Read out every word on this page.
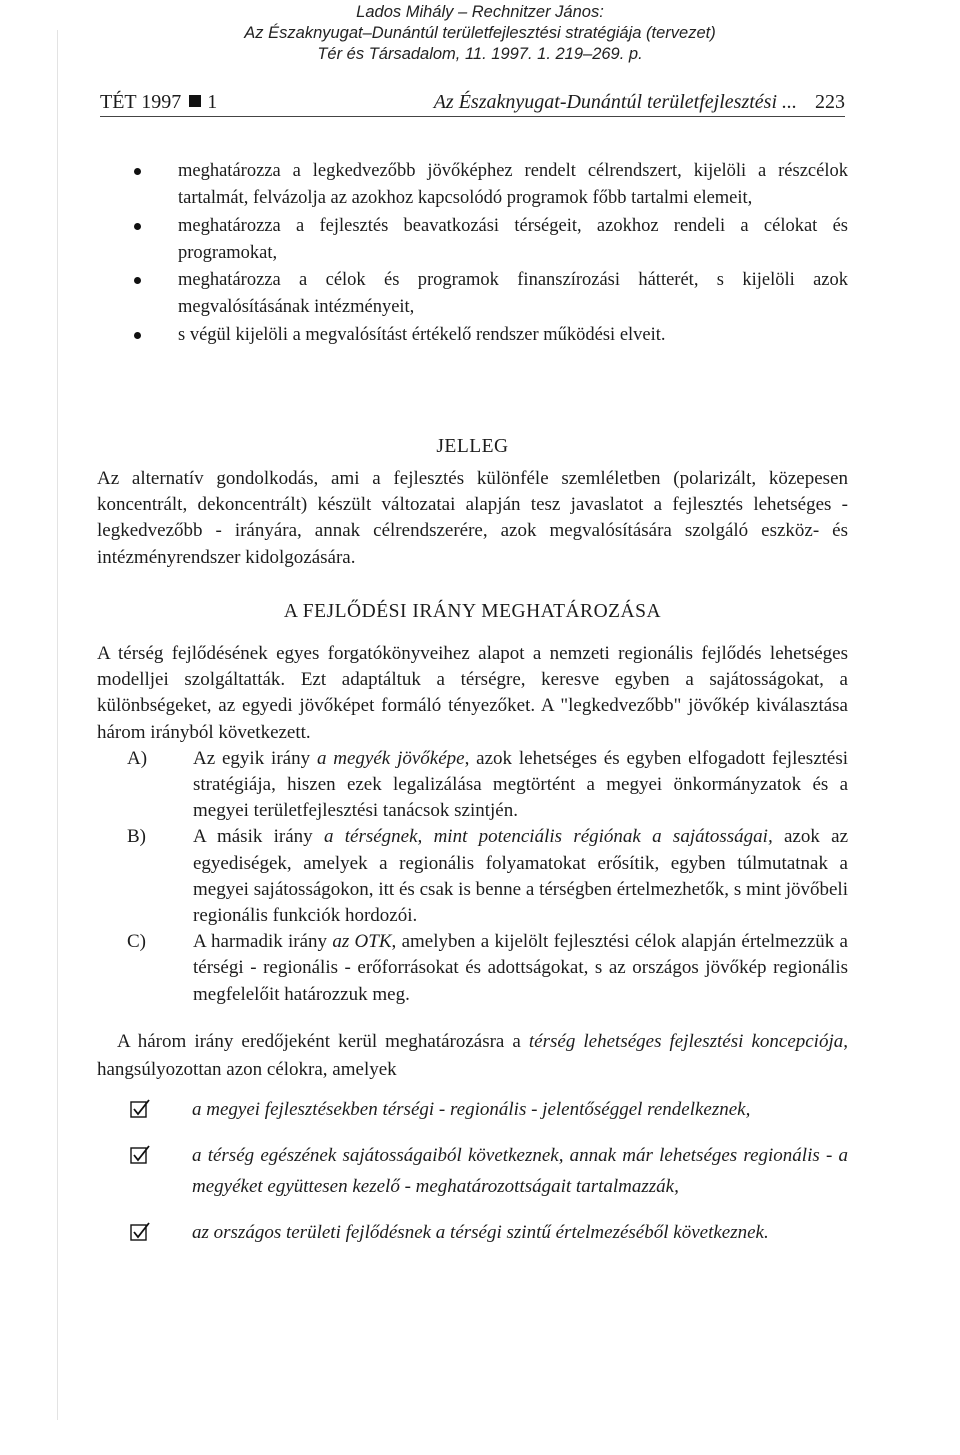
Lados Mihály – Rechnitzer János:
Az Északnyugat–Dunántúl területfejlesztési stratégiája (tervezet)
Tér és Társadalom, 11. 1997. 1. 219–269. p.
TÉT 1997 1	Az Északnyugat-Dunántúl területfejlesztési ... 223
meghatározza a legkedvezőbb jövőképhez rendelt célrendszert, kijelöli a részcélok tartalmát, felvázolja az azokhoz kapcsolódó programok főbb tartalmi elemeit,
meghatározza a fejlesztés beavatkozási térségeit, azokhoz rendeli a célokat és programokat,
meghatározza a célok és programok finanszírozási hátterét, s kijelöli azok megvalósításának intézményeit,
s végül kijelöli a megvalósítást értékelő rendszer működési elveit.
JELLEG
Az alternatív gondolkodás, ami a fejlesztés különféle szemléletben (polarizált, közepesen koncentrált, dekoncentrált) készült változatai alapján tesz javaslatot a fejlesztés lehetséges - legkedvezőbb - irányára, annak célrendszerére, azok megvalósítására szolgáló eszköz- és intézményrendszer kidolgozására.
A FEJLŐDÉSI IRÁNY MEGHATÁROZÁSA
A térség fejlődésének egyes forgatókönyveihez alapot a nemzeti regionális fejlődés lehetséges modelljei szolgáltatták. Ezt adaptáltuk a térségre, keresve egyben a sajátosságokat, a különbségeket, az egyedi jövőképet formáló tényezőket. A "legkedvezőbb" jövőkép kiválasztása három irányból következett.
A) Az egyik irány a megyék jövőképe, azok lehetséges és egyben elfogadott fejlesztési stratégiája, hiszen ezek legalizálása megtörtént a megyei önkormányzatok és a megyei területfejlesztési tanácsok szintjén.
B) A másik irány a térségnek, mint potenciális régiónak a sajátosságai, azok az egyediségek, amelyek a regionális folyamatokat erősítik, egyben túlmutatnak a megyei sajátosságokon, itt és csak is benne a térségben értelmezhetők, s mint jövőbeli regionális funkciók hordozói.
C) A harmadik irány az OTK, amelyben a kijelölt fejlesztési célok alapján értelmezzük a térségi - regionális - erőforrásokat és adottságokat, s az országos jövőkép regionális megfelelőit határozzuk meg.
A három irány eredőjeként kerül meghatározásra a térség lehetséges fejlesztési koncepciója, hangsúlyozottan azon célokra, amelyek
a megyei fejlesztésekben térségi - regionális - jelentőséggel rendelkeznek,
a térség egészének sajátosságaiból következnek, annak már lehetséges regionális - a megyéket együttesen kezelő - meghatározottságait tartalmazzák,
az országos területi fejlődésnek a térségi szintű értelmezéséből következnek.
